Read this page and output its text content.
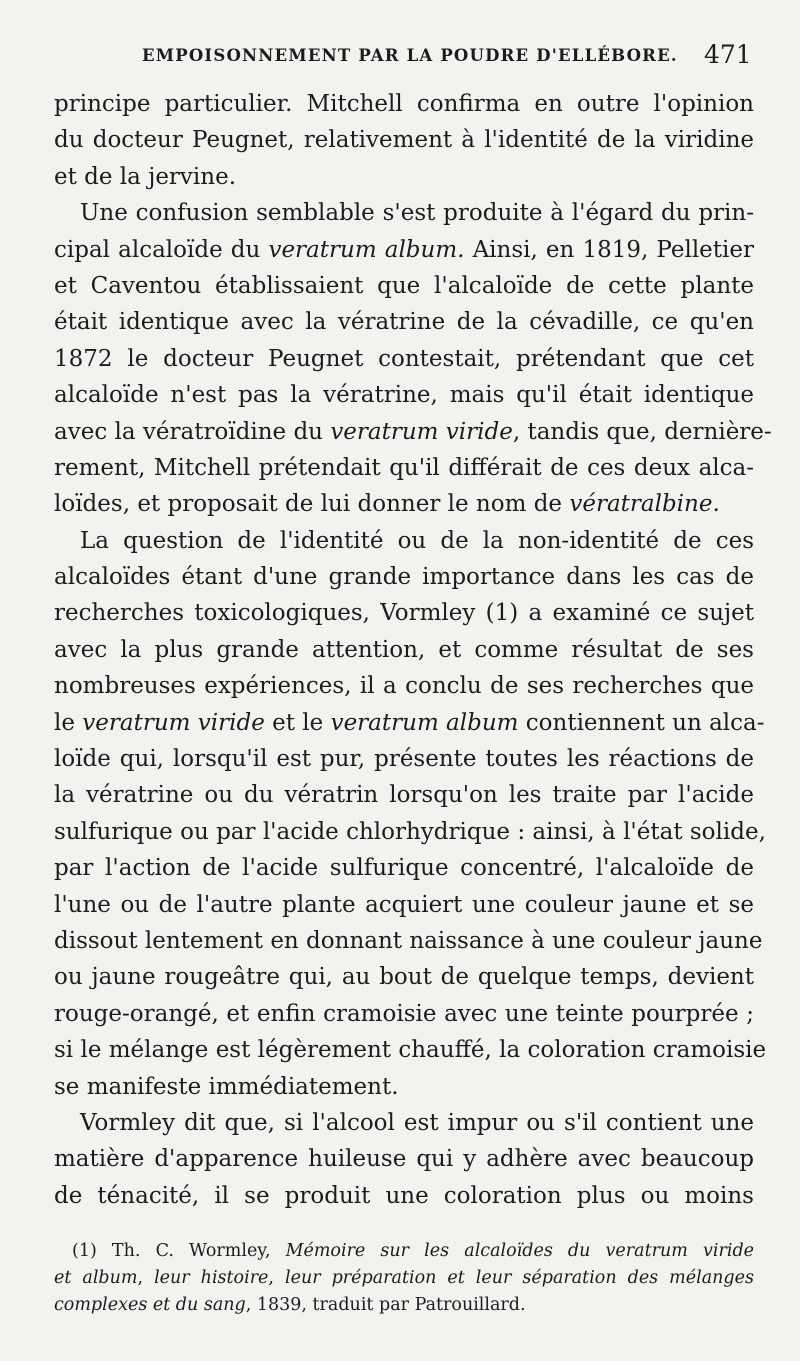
EMPOISONNEMENT PAR LA POUDRE D'ELLÉBORE. 471
principe particulier. Mitchell confirma en outre l'opinion
du docteur Peugnet, relativement à l'identité de la viridine
et de la jervine.
Une confusion semblable s'est produite à l'égard du prin-
cipal alcaloïde du veratrum album. Ainsi, en 1819, Pelletier
et Caventou établissaient que l'alcaloïde de cette plante
était identique avec la vératrine de la cévadille, ce qu'en
1872 le docteur Peugnet contestait, prétendant que cet
alcaloïde n'est pas la vératrine, mais qu'il était identique
avec la vératroïdine du veratrum viride, tandis que, dernière-
rement, Mitchell prétendait qu'il différait de ces deux alca-
loïdes, et proposait de lui donner le nom de vératralbine.
La question de l'identité ou de la non-identité de ces
alcaloïdes étant d'une grande importance dans les cas de
recherches toxicologiques, Vormley (1) a examiné ce sujet
avec la plus grande attention, et comme résultat de ses
nombreuses expériences, il a conclu de ses recherches que
le veratrum viride et le veratrum album contiennent un alca-
loïde qui, lorsqu'il est pur, présente toutes les réactions de
la vératrine ou du vératrin lorsqu'on les traite par l'acide
sulfurique ou par l'acide chlorhydrique : ainsi, à l'état solide,
par l'action de l'acide sulfurique concentré, l'alcaloïde de
l'une ou de l'autre plante acquiert une couleur jaune et se
dissout lentement en donnant naissance à une couleur jaune
ou jaune rougeâtre qui, au bout de quelque temps, devient
rouge-orangé, et enfin cramoisie avec une teinte pourprée ;
si le mélange est légèrement chauffé, la coloration cramoisie
se manifeste immédiatement.
Vormley dit que, si l'alcool est impur ou s'il contient une
matière d'apparence huileuse qui y adhère avec beaucoup
de ténacité, il se produit une coloration plus ou moins
(1) Th. C. Wormley, Mémoire sur les alcaloïdes du veratrum viride
et album, leur histoire, leur préparation et leur séparation des mélanges
complexes et du sang, 1839, traduit par Patrouillard.
